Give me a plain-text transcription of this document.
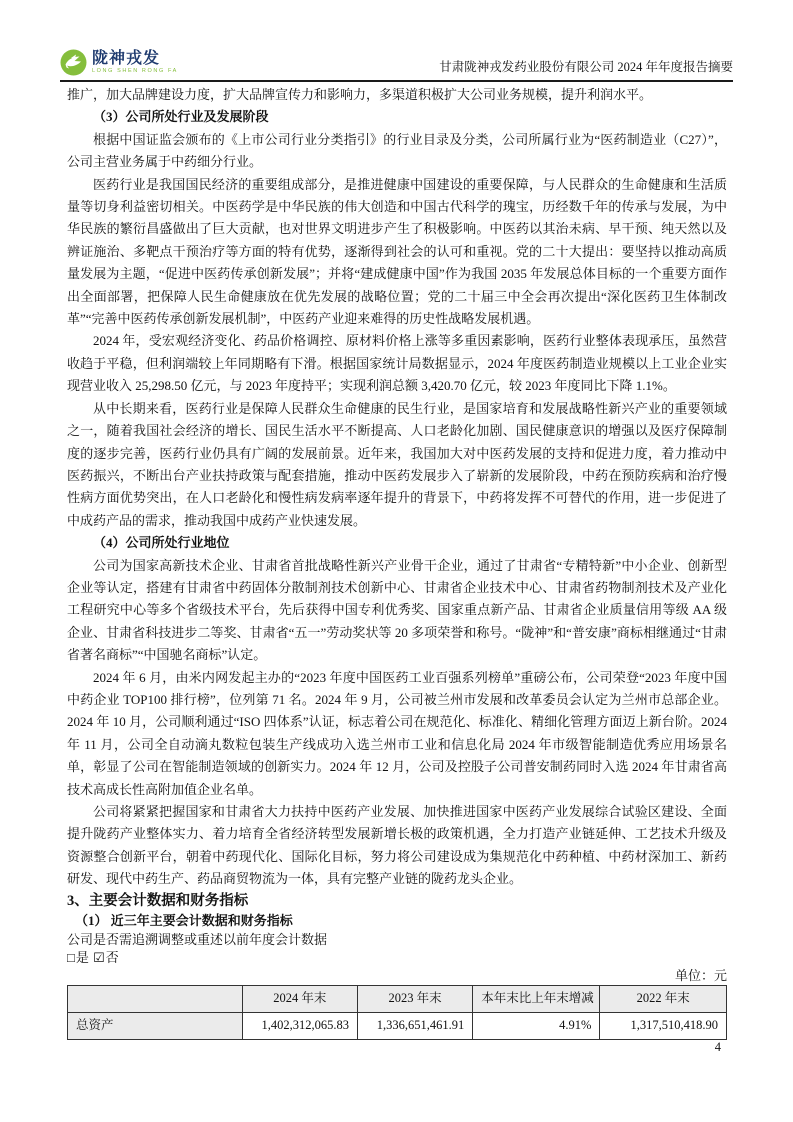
陇神戎发
LONG SHEN RONG FA	甘肃陇神戎发药业股份有限公司 2024 年年度报告摘要

推广，加大品牌建设力度，扩大品牌宣传力和影响力，多渠道积极扩大公司业务规模，提升利润水平。

（3）公司所处行业及发展阶段

根据中国证监会颁布的《上市公司行业分类指引》的行业目录及分类，公司所属行业为“医药制造业（C27）”，公司主营业务属于中药细分行业。

医药行业是我国国民经济的重要组成部分，是推进健康中国建设的重要保障，与人民群众的生命健康和生活质量等切身利益密切相关。中医药学是中华民族的伟大创造和中国古代科学的瑰宝，历经数千年的传承与发展，为中华民族的繁衍昌盛做出了巨大贡献，也对世界文明进步产生了积极影响。中医药以其治未病、早干预、纯天然以及辨证施治、多靶点干预治疗等方面的特有优势，逐渐得到社会的认可和重视。党的二十大提出：要坚持以推动高质量发展为主题，“促进中医药传承创新发展”；并将“建成健康中国”作为我国 2035 年发展总体目标的一个重要方面作出全面部署，把保障人民生命健康放在优先发展的战略位置；党的二十届三中全会再次提出“深化医药卫生体制改革”“完善中医药传承创新发展机制”，中医药产业迎来难得的历史性战略发展机遇。

2024 年，受宏观经济变化、药品价格调控、原材料价格上涨等多重因素影响，医药行业整体表现承压，虽然营收趋于平稳，但利润端较上年同期略有下滑。根据国家统计局数据显示，2024 年度医药制造业规模以上工业企业实现营业收入 25,298.50 亿元，与 2023 年度持平；实现利润总额 3,420.70 亿元，较 2023 年度同比下降 1.1%。

从中长期来看，医药行业是保障人民群众生命健康的民生行业，是国家培育和发展战略性新兴产业的重要领域之一，随着我国社会经济的增长、国民生活水平不断提高、人口老龄化加剧、国民健康意识的增强以及医疗保障制度的逐步完善，医药行业仍具有广阔的发展前景。近年来，我国加大对中医药发展的支持和促进力度，着力推动中医药振兴，不断出台产业扶持政策与配套措施，推动中医药发展步入了崭新的发展阶段，中药在预防疾病和治疗慢性病方面优势突出，在人口老龄化和慢性病发病率逐年提升的背景下，中药将发挥不可替代的作用，进一步促进了中成药产品的需求，推动我国中成药产业快速发展。

（4）公司所处行业地位

公司为国家高新技术企业、甘肃省首批战略性新兴产业骨干企业，通过了甘肃省“专精特新”中小企业、创新型企业等认定，搭建有甘肃省中药固体分散制剂技术创新中心、甘肃省企业技术中心、甘肃省药物制剂技术及产业化工程研究中心等多个省级技术平台，先后获得中国专利优秀奖、国家重点新产品、甘肃省企业质量信用等级 AA 级企业、甘肃省科技进步二等奖、甘肃省“五一”劳动奖状等 20 多项荣誉和称号。“陇神”和“普安康”商标相继通过“甘肃省著名商标”“中国驰名商标”认定。

2024 年 6 月，由米内网发起主办的“2023 年度中国医药工业百强系列榜单”重磅公布，公司荣登“2023 年度中国中药企业 TOP100 排行榜”，位列第 71 名。2024 年 9 月，公司被兰州市发展和改革委员会认定为兰州市总部企业。2024 年 10 月，公司顺利通过“ISO 四体系”认证，标志着公司在规范化、标准化、精细化管理方面迈上新台阶。2024 年 11 月，公司全自动滴丸数粒包装生产线成功入选兰州市工业和信息化局 2024 年市级智能制造优秀应用场景名单，彰显了公司在智能制造领域的创新实力。2024 年 12 月，公司及控股子公司普安制药同时入选 2024 年甘肃省高技术高成长性高附加值企业名单。

公司将紧紧把握国家和甘肃省大力扶持中医药产业发展、加快推进国家中医药产业发展综合试验区建设、全面提升陇药产业整体实力、着力培育全省经济转型发展新增长极的政策机遇，全力打造产业链延伸、工艺技术升级及资源整合创新平台，朝着中药现代化、国际化目标，努力将公司建设成为集规范化中药种植、中药材深加工、新药研发、现代中药生产、药品商贸物流为一体，具有完整产业链的陇药龙头企业。

3、主要会计数据和财务指标

（1） 近三年主要会计数据和财务指标

公司是否需追溯调整或重述以前年度会计数据

□是 ☑否

单位：元

	2024 年末	2023 年末	本年末比上年末增减	2022 年末
总资产	1,402,312,065.83	1,336,651,461.91	4.91%	1,317,510,418.90
4
